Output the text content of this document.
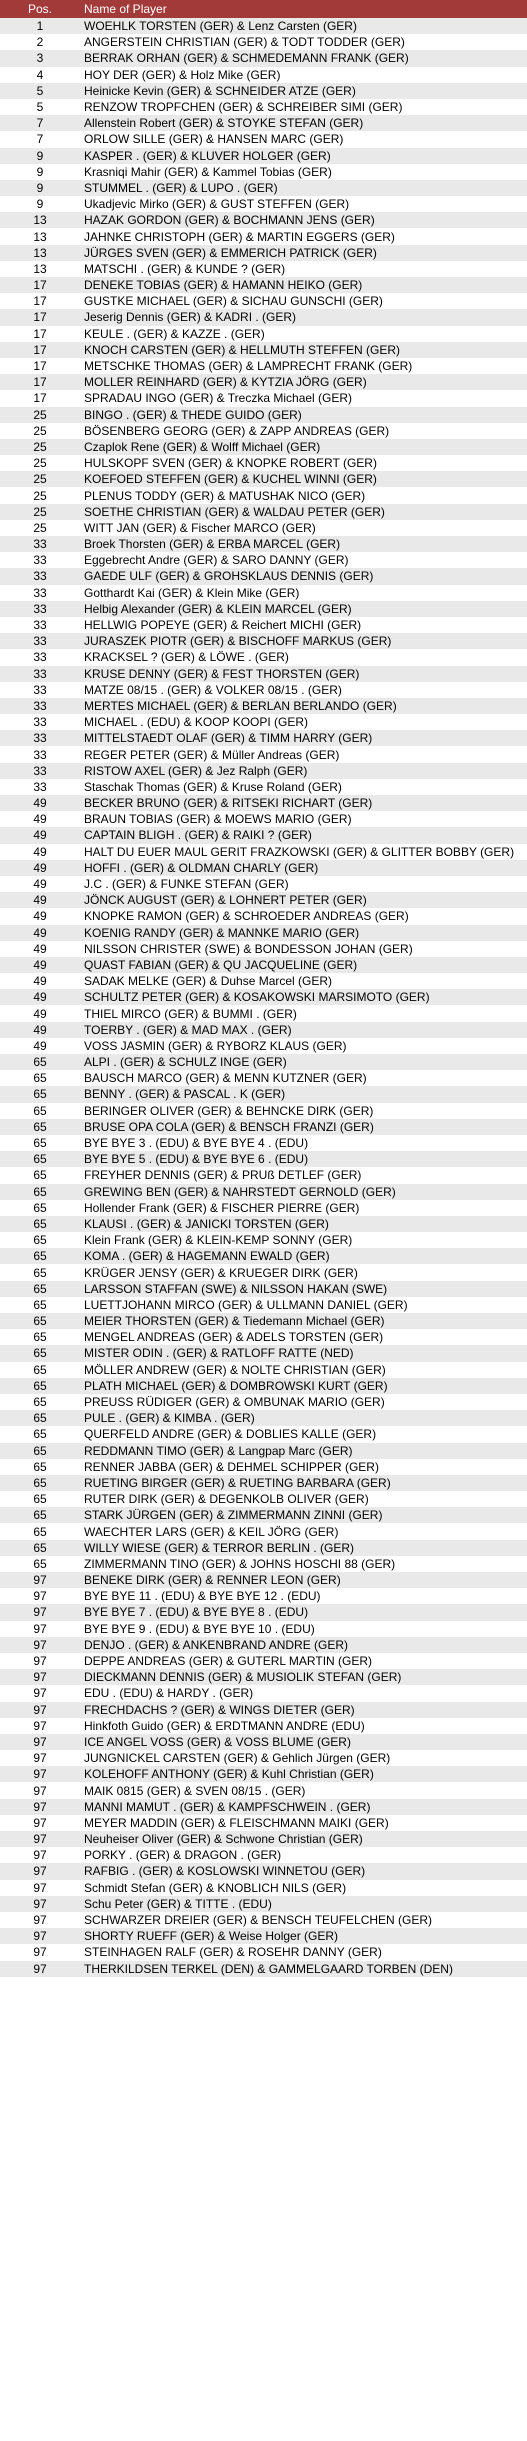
Pos.	Name of Player
1	WOEHLK TORSTEN (GER) & Lenz Carsten (GER)
2	ANGERSTEIN CHRISTIAN (GER) & TODT TODDER (GER)
3	BERRAK ORHAN (GER) & SCHMEDEMANN FRANK (GER)
4	HOY DER (GER) & Holz Mike (GER)
5	Heinicke Kevin (GER) & SCHNEIDER ATZE (GER)
5	RENZOW TROPFCHEN (GER) & SCHREIBER SIMI (GER)
7	Allenstein Robert (GER) & STOYKE STEFAN (GER)
7	ORLOW SILLE (GER) & HANSEN MARC (GER)
9	KASPER . (GER) & KLUVER HOLGER (GER)
9	Krasniqi Mahir (GER) & Kammel Tobias (GER)
9	STUMMEL . (GER) & LUPO . (GER)
9	Ukadjevic Mirko (GER) & GUST STEFFEN (GER)
13	HAZAK GORDON (GER) & BOCHMANN JENS (GER)
13	JAHNKE CHRISTOPH (GER) & MARTIN EGGERS (GER)
13	JÜRGES SVEN (GER) & EMMERICH PATRICK (GER)
13	MATSCHI . (GER) & KUNDE ? (GER)
17	DENEKE TOBIAS (GER) & HAMANN HEIKO (GER)
17	GUSTKE MICHAEL (GER) & SICHAU GUNSCHI (GER)
17	Jeserig Dennis (GER) & KADRI . (GER)
17	KEULE . (GER) & KAZZE . (GER)
17	KNOCH CARSTEN (GER) & HELLMUTH STEFFEN (GER)
17	METSCHKE THOMAS (GER) & LAMPRECHT FRANK (GER)
17	MOLLER REINHARD (GER) & KYTZIA JÖRG (GER)
17	SPRADAU INGO (GER) & Treczka Michael (GER)
25	BINGO . (GER) & THEDE GUIDO (GER)
25	BÖSENBERG GEORG (GER) & ZAPP ANDREAS (GER)
25	Czaplok Rene (GER) & Wolff Michael (GER)
25	HULSKOPF SVEN (GER) & KNOPKE ROBERT (GER)
25	KOEFOED STEFFEN (GER) & KUCHEL WINNI (GER)
25	PLENUS TODDY (GER) & MATUSHAK NICO (GER)
25	SOETHE CHRISTIAN (GER) & WALDAU PETER (GER)
25	WITT JAN (GER) & Fischer MARCO (GER)
33	Broek Thorsten (GER) & ERBA MARCEL (GER)
33	Eggebrecht Andre (GER) & SARO DANNY (GER)
33	GAEDE ULF (GER) & GROHSKLAUS DENNIS (GER)
33	Gotthardt Kai (GER) & Klein Mike (GER)
33	Helbig Alexander (GER) & KLEIN MARCEL (GER)
33	HELLWIG POPEYE (GER) & Reichert MICHI (GER)
33	JURASZEK PIOTR (GER) & BISCHOFF MARKUS (GER)
33	KRACKSEL ? (GER) & LÖWE . (GER)
33	KRUSE DENNY (GER) & FEST THORSTEN (GER)
33	MATZE 08/15 . (GER) & VOLKER 08/15 . (GER)
33	MERTES MICHAEL (GER) & BERLAN BERLANDO (GER)
33	MICHAEL . (EDU) & KOOP KOOPI (GER)
33	MITTELSTAEDT OLAF (GER) & TIMM HARRY (GER)
33	REGER PETER (GER) & Müller Andreas (GER)
33	RISTOW AXEL (GER) & Jez Ralph (GER)
33	Staschak Thomas (GER) & Kruse Roland (GER)
49	BECKER BRUNO (GER) & RITSEKI RICHART (GER)
49	BRAUN TOBIAS (GER) & MOEWS MARIO (GER)
49	CAPTAIN BLIGH . (GER) & RAIKI ? (GER)
49	HALT DU EUER MAUL GERIT FRAZKOWSKI (GER) & GLITTER BOBBY (GER)
49	HOFFI . (GER) & OLDMAN CHARLY (GER)
49	J.C . (GER) & FUNKE STEFAN (GER)
49	JÖNCK AUGUST (GER) & LOHNERT PETER (GER)
49	KNOPKE RAMON (GER) & SCHROEDER ANDREAS (GER)
49	KOENIG RANDY (GER) & MANNKE MARIO (GER)
49	NILSSON CHRISTER (SWE) & BONDESSON JOHAN (GER)
49	QUAST FABIAN (GER) & QU JACQUELINE (GER)
49	SADAK MELKE (GER) & Duhse Marcel (GER)
49	SCHULTZ PETER (GER) & KOSAKOWSKI MARSIMOTO (GER)
49	THIEL MIRCO (GER) & BUMMI . (GER)
49	TOERBY . (GER) & MAD MAX . (GER)
49	VOSS JASMIN (GER) & RYBORZ KLAUS (GER)
65	ALPI . (GER) & SCHULZ INGE (GER)
65	BAUSCH MARCO (GER) & MENN KUTZNER (GER)
65	BENNY . (GER) & PASCAL . K (GER)
65	BERINGER OLIVER (GER) & BEHNCKE DIRK (GER)
65	BRUSE OPA COLA (GER) & BENSCH FRANZI (GER)
65	BYE BYE 3 . (EDU) & BYE BYE 4 . (EDU)
65	BYE BYE 5 . (EDU) & BYE BYE 6 . (EDU)
65	FREYHER DENNIS (GER) & PRUß DETLEF (GER)
65	GREWING BEN (GER) & NAHRSTEDT GERNOLD (GER)
65	Hollender Frank (GER) & FISCHER PIERRE (GER)
65	KLAUSI . (GER) & JANICKI TORSTEN (GER)
65	Klein Frank (GER) & KLEIN-KEMP SONNY (GER)
65	KOMA . (GER) & HAGEMANN EWALD (GER)
65	KRÜGER JENSY (GER) & KRUEGER DIRK (GER)
65	LARSSON STAFFAN (SWE) & NILSSON HAKAN (SWE)
65	LUETTJOHANN MIRCO (GER) & ULLMANN DANIEL (GER)
65	MEIER THORSTEN (GER) & Tiedemann Michael (GER)
65	MENGEL ANDREAS (GER) & ADELS TORSTEN (GER)
65	MISTER ODIN . (GER) & RATLOFF RATTE (NED)
65	MÖLLER ANDREW (GER) & NOLTE CHRISTIAN (GER)
65	PLATH MICHAEL (GER) & DOMBROWSKI KURT (GER)
65	PREUSS RÜDIGER (GER) & OMBUNAK MARIO (GER)
65	PULE . (GER) & KIMBA . (GER)
65	QUERFELD ANDRE (GER) & DOBLIES KALLE (GER)
65	REDDMANN TIMO (GER) & Langpap Marc (GER)
65	RENNER JABBA (GER) & DEHMEL SCHIPPER (GER)
65	RUETING BIRGER (GER) & RUETING BARBARA (GER)
65	RUTER DIRK (GER) & DEGENKOLB OLIVER (GER)
65	STARK JÜRGEN (GER) & ZIMMERMANN ZINNI (GER)
65	WAECHTER LARS (GER) & KEIL JÖRG (GER)
65	WILLY WIESE (GER) & TERROR BERLIN . (GER)
65	ZIMMERMANN TINO (GER) & JOHNS HOSCHI 88 (GER)
97	BENEKE DIRK (GER) & RENNER LEON (GER)
97	BYE BYE 11 . (EDU) & BYE BYE 12 . (EDU)
97	BYE BYE 7 . (EDU) & BYE BYE 8 . (EDU)
97	BYE BYE 9 . (EDU) & BYE BYE 10 . (EDU)
97	DENJO . (GER) & ANKENBRAND ANDRE (GER)
97	DEPPE ANDREAS (GER) & GUTERL MARTIN (GER)
97	DIECKMANN DENNIS (GER) & MUSIOLIK STEFAN (GER)
97	EDU . (EDU) & HARDY . (GER)
97	FRECHDACHS ? (GER) & WINGS DIETER (GER)
97	Hinkfoth Guido (GER) & ERDTMANN ANDRE (EDU)
97	ICE ANGEL VOSS (GER) & VOSS BLUME (GER)
97	JUNGNICKEL CARSTEN (GER) & Gehlich Jürgen (GER)
97	KOLEHOFF ANTHONY (GER) & Kuhl Christian (GER)
97	MAIK 0815 (GER) & SVEN 08/15 . (GER)
97	MANNI MAMUT . (GER) & KAMPFSCHWEIN . (GER)
97	MEYER MADDIN (GER) & FLEISCHMANN MAIKI (GER)
97	Neuheiser Oliver (GER) & Schwone Christian (GER)
97	PORKY . (GER) & DRAGON . (GER)
97	RAFBIG . (GER) & KOSLOWSKI WINNETOU (GER)
97	Schmidt Stefan (GER) & KNOBLICH NILS (GER)
97	Schu Peter (GER) & TITTE . (EDU)
97	SCHWARZER DREIER (GER) & BENSCH TEUFELCHEN (GER)
97	SHORTY RUEFF (GER) & Weise Holger (GER)
97	STEINHAGEN RALF (GER) & ROSEHR DANNY (GER)
97	THERKILDSEN TERKEL (DEN) & GAMMELGAARD TORBEN (DEN)
